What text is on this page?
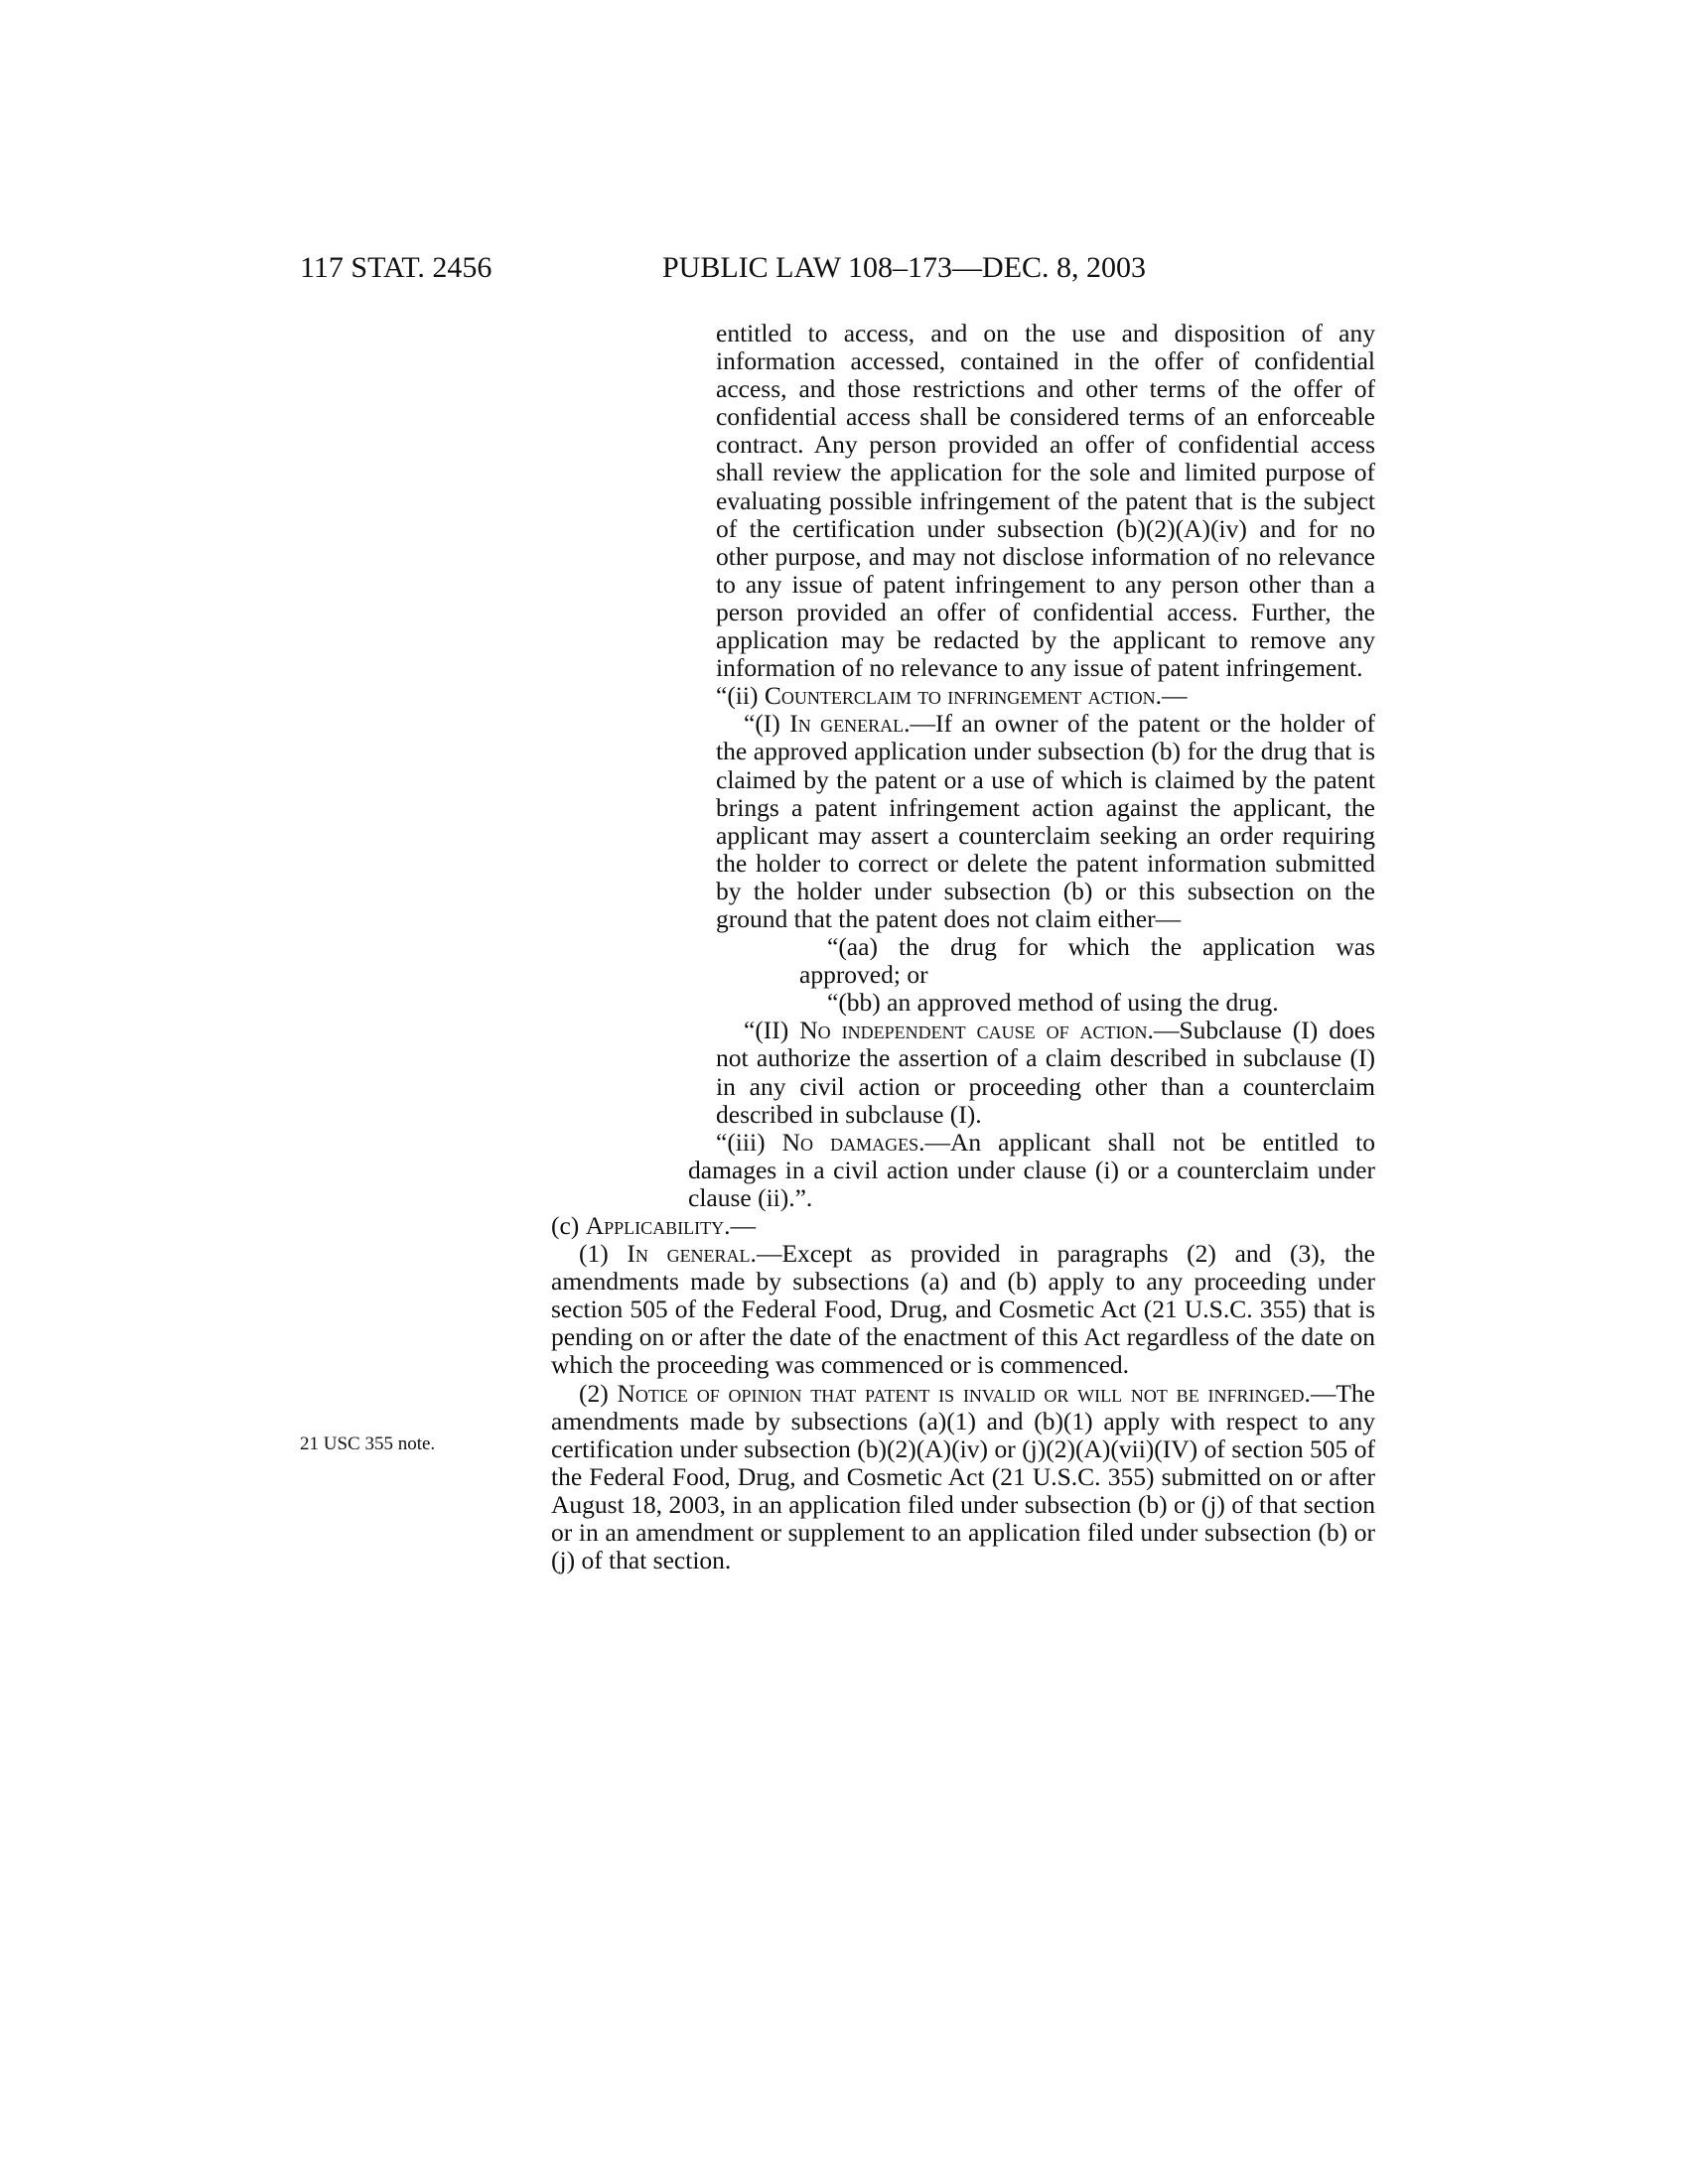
117 STAT. 2456	PUBLIC LAW 108–173—DEC. 8, 2003
21 USC 355 note.

entitled to access, and on the use and disposition of any information accessed, contained in the offer of confidential access, and those restrictions and other terms of the offer of confidential access shall be considered terms of an enforceable contract. Any person provided an offer of confidential access shall review the application for the sole and limited purpose of evaluating possible infringement of the patent that is the subject of the certification under subsection (b)(2)(A)(iv) and for no other purpose, and may not disclose information of no relevance to any issue of patent infringement to any person other than a person provided an offer of confidential access. Further, the application may be redacted by the applicant to remove any information of no relevance to any issue of patent infringement.

“(ii) Counterclaim to infringement action.—

“(I) In general.—If an owner of the patent or the holder of the approved application under subsection (b) for the drug that is claimed by the patent or a use of which is claimed by the patent brings a patent infringement action against the applicant, the applicant may assert a counterclaim seeking an order requiring the holder to correct or delete the patent information submitted by the holder under subsection (b) or this subsection on the ground that the patent does not claim either—

“(aa) the drug for which the application was approved; or

“(bb) an approved method of using the drug.

“(II) No independent cause of action.—Subclause (I) does not authorize the assertion of a claim described in subclause (I) in any civil action or proceeding other than a counterclaim described in subclause (I).

“(iii) No damages.—An applicant shall not be entitled to damages in a civil action under clause (i) or a counterclaim under clause (ii).”.

(c) Applicability.—

(1) In general.—Except as provided in paragraphs (2) and (3), the amendments made by subsections (a) and (b) apply to any proceeding under section 505 of the Federal Food, Drug, and Cosmetic Act (21 U.S.C. 355) that is pending on or after the date of the enactment of this Act regardless of the date on which the proceeding was commenced or is commenced.

(2) Notice of opinion that patent is invalid or will not be infringed.—The amendments made by subsections (a)(1) and (b)(1) apply with respect to any certification under subsection (b)(2)(A)(iv) or (j)(2)(A)(vii)(IV) of section 505 of the Federal Food, Drug, and Cosmetic Act (21 U.S.C. 355) submitted on or after August 18, 2003, in an application filed under subsection (b) or (j) of that section or in an amendment or supplement to an application filed under subsection (b) or (j) of that section.
